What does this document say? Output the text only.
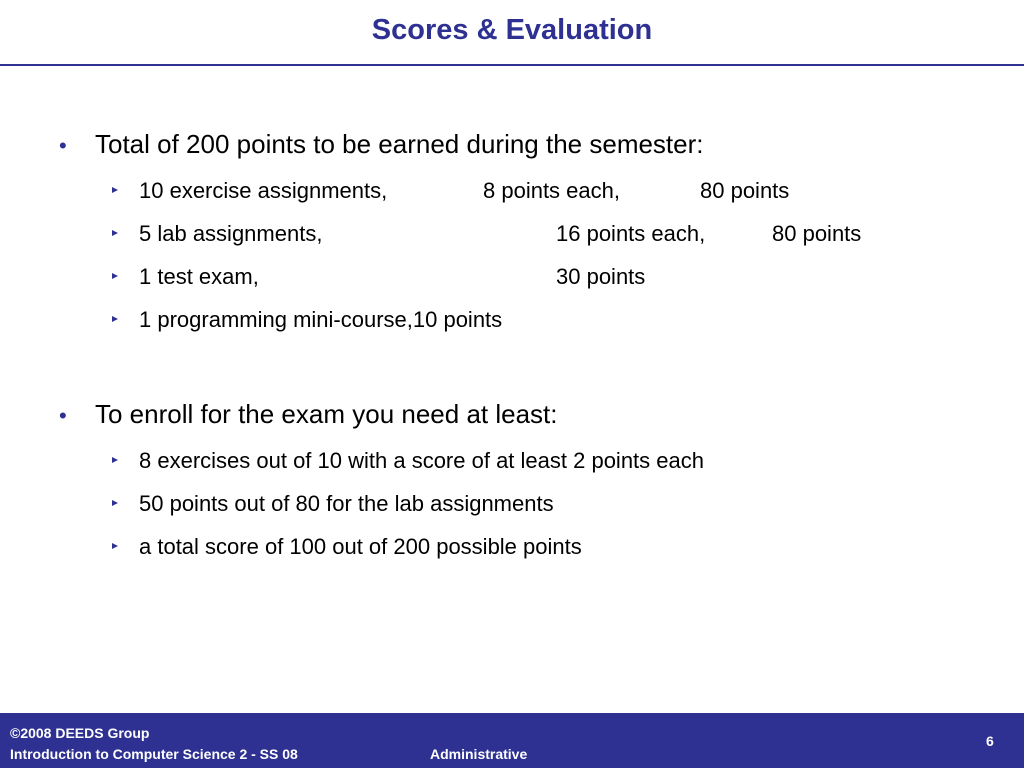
Scores & Evaluation
•	Total of 200 points to be earned during the semester:
10 exercise assignments,	8 points each,	80 points
5 lab assignments,	16 points each,	80 points
1 test exam,	30 points
1 programming mini-course,10 points
•	To enroll for the exam you need at least:
8 exercises out of 10 with a score of at least 2 points each
50 points out of 80 for the lab assignments
a total score of 100 out of 200 possible points
©2008 DEEDS Group
Introduction to Computer Science 2 - SS 08	Administrative
6
